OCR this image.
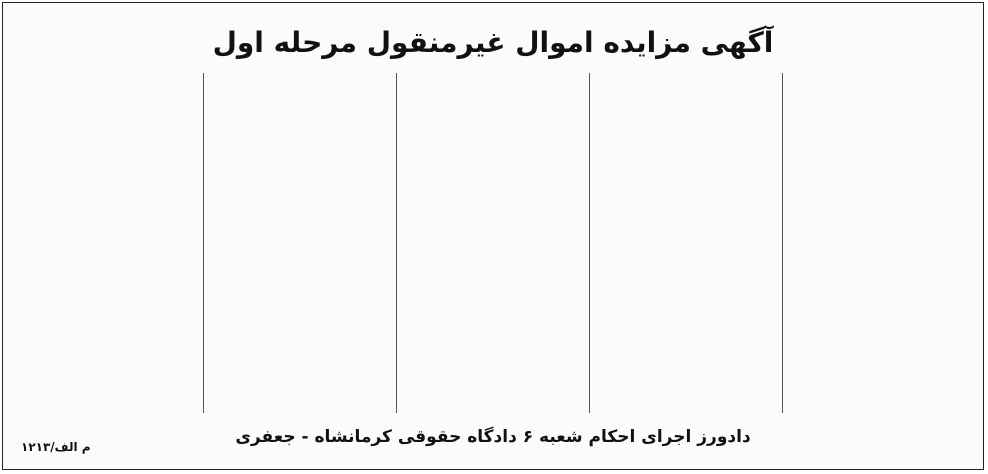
آگهی مزایده اموال غیرمنقول مرحله اول
دادورز اجرای احکام شعبه ۶ دادگاه حقوقی کرمانشاه - جعفری
م الف/۱۲۱۳
